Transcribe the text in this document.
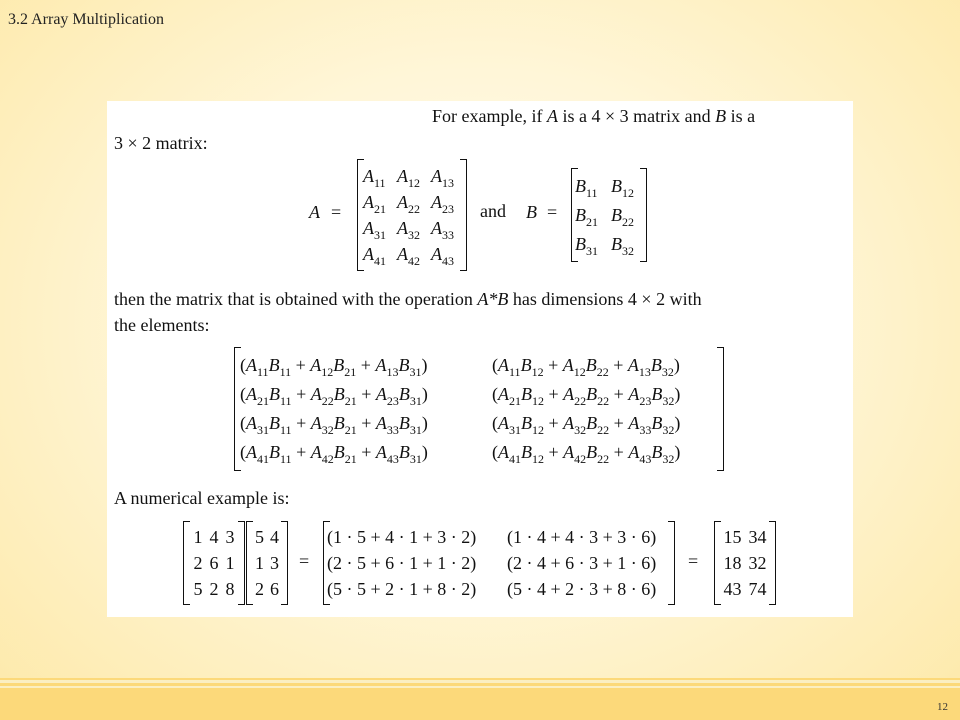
3.2 Array Multiplication
For example, if A is a 4 × 3 matrix and B is a
3 × 2 matrix:
A =
$A_{11}$ $A_{12}$ $A_{13}$
$A_{21}$ $A_{22}$ $A_{23}$
$A_{31}$ $A_{32}$ $A_{33}$
$A_{41}$ $A_{42}$ $A_{43}$
and B =
$B_{11}$ $B_{12}$
$B_{21}$ $B_{22}$
$B_{31}$ $B_{32}$
then the matrix that is obtained with the operation A*B has dimensions 4 × 2 with
the elements:
$(A_{11}B_{11} + A_{12}B_{21} + A_{13}B_{31})$	$(A_{11}B_{12} + A_{12}B_{22} + A_{13}B_{32})$
$(A_{21}B_{11} + A_{22}B_{21} + A_{23}B_{31})$	$(A_{21}B_{12} + A_{22}B_{22} + A_{23}B_{32})$
$(A_{31}B_{11} + A_{32}B_{21} + A_{33}B_{31})$	$(A_{31}B_{12} + A_{32}B_{22} + A_{33}B_{32})$
$(A_{41}B_{11} + A_{42}B_{21} + A_{43}B_{31})$	$(A_{41}B_{12} + A_{42}B_{22} + A_{43}B_{32})$
A numerical example is:
1 4 3
2 6 1
5 2 8
5 4
1 3
2 6
=
(1 · 5 + 4 · 1 + 3 · 2)	(1 · 4 + 4 · 3 + 3 · 6)
(2 · 5 + 6 · 1 + 1 · 2)	(2 · 4 + 6 · 3 + 1 · 6)
(5 · 5 + 2 · 1 + 8 · 2)	(5 · 4 + 2 · 3 + 8 · 6)
=
15 34
18 32
43 74
12
